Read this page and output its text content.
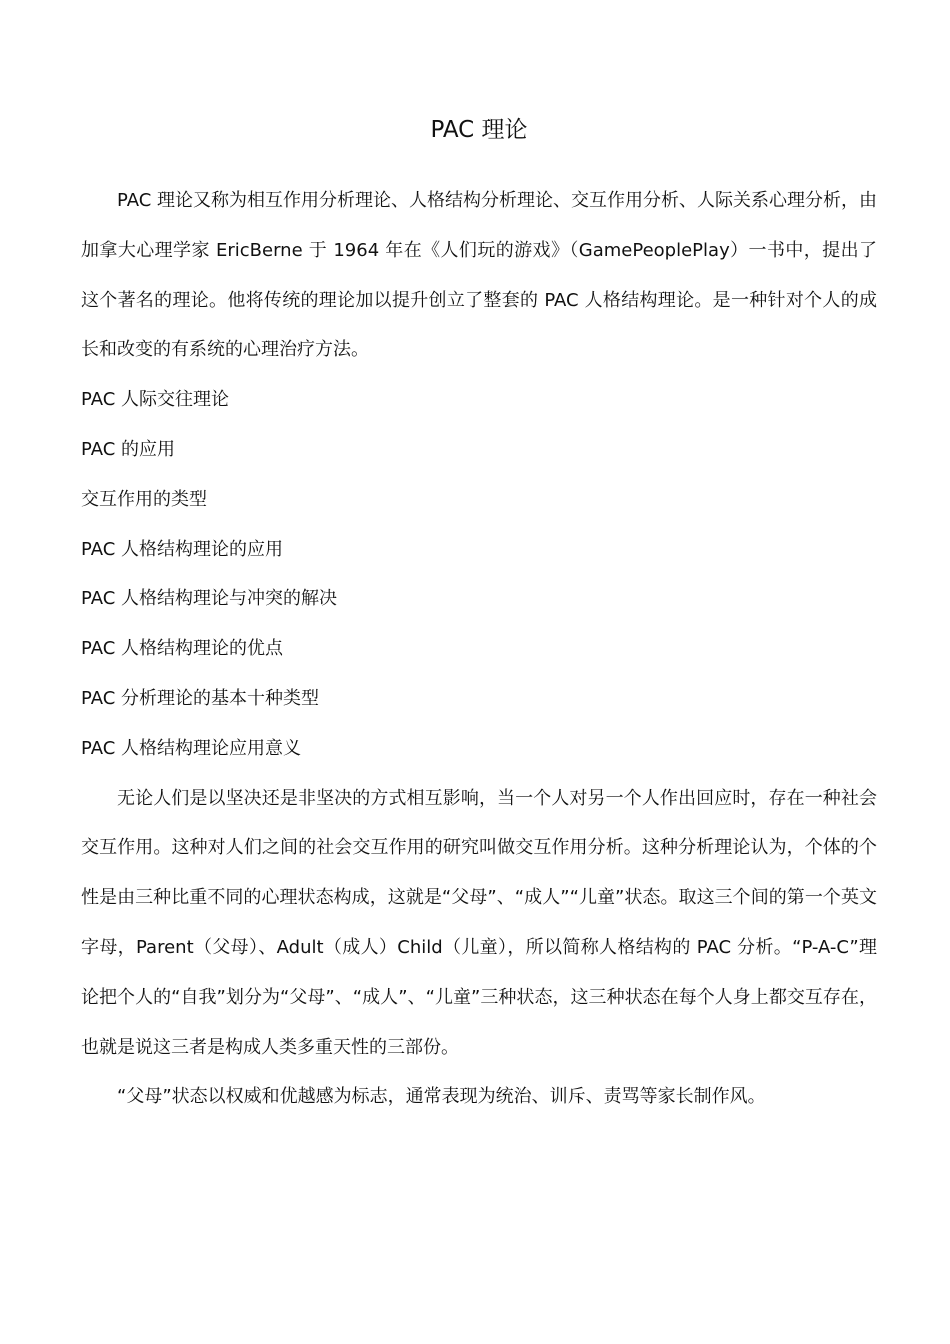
PAC 理论

PAC 理论又称为相互作用分析理论、人格结构分析理论、交互作用分析、人际关系心理分析，由加拿大心理学家 EricBerne 于 1964 年在《人们玩的游戏》（GamePeoplePlay）一书中，提出了这个著名的理论。他将传统的理论加以提升创立了整套的 PAC 人格结构理论。是一种针对个人的成长和改变的有系统的心理治疗方法。

PAC 人际交往理论
PAC 的应用
交互作用的类型
PAC 人格结构理论的应用
PAC 人格结构理论与冲突的解决
PAC 人格结构理论的优点
PAC 分析理论的基本十种类型
PAC 人格结构理论应用意义

无论人们是以坚决还是非坚决的方式相互影响，当一个人对另一个人作出回应时，存在一种社会交互作用。这种对人们之间的社会交互作用的研究叫做交互作用分析。这种分析理论认为，个体的个性是由三种比重不同的心理状态构成，这就是“父母”、“成人”“儿童”状态。取这三个间的第一个英文字母，Parent（父母）、Adult（成人）Child（儿童），所以简称人格结构的 PAC 分析。“P-A-C”理论把个人的“自我”划分为“父母”、“成人”、“儿童”三种状态，这三种状态在每个人身上都交互存在，也就是说这三者是构成人类多重天性的三部份。

“父母”状态以权威和优越感为标志，通常表现为统治、训斥、责骂等家长制作风。
